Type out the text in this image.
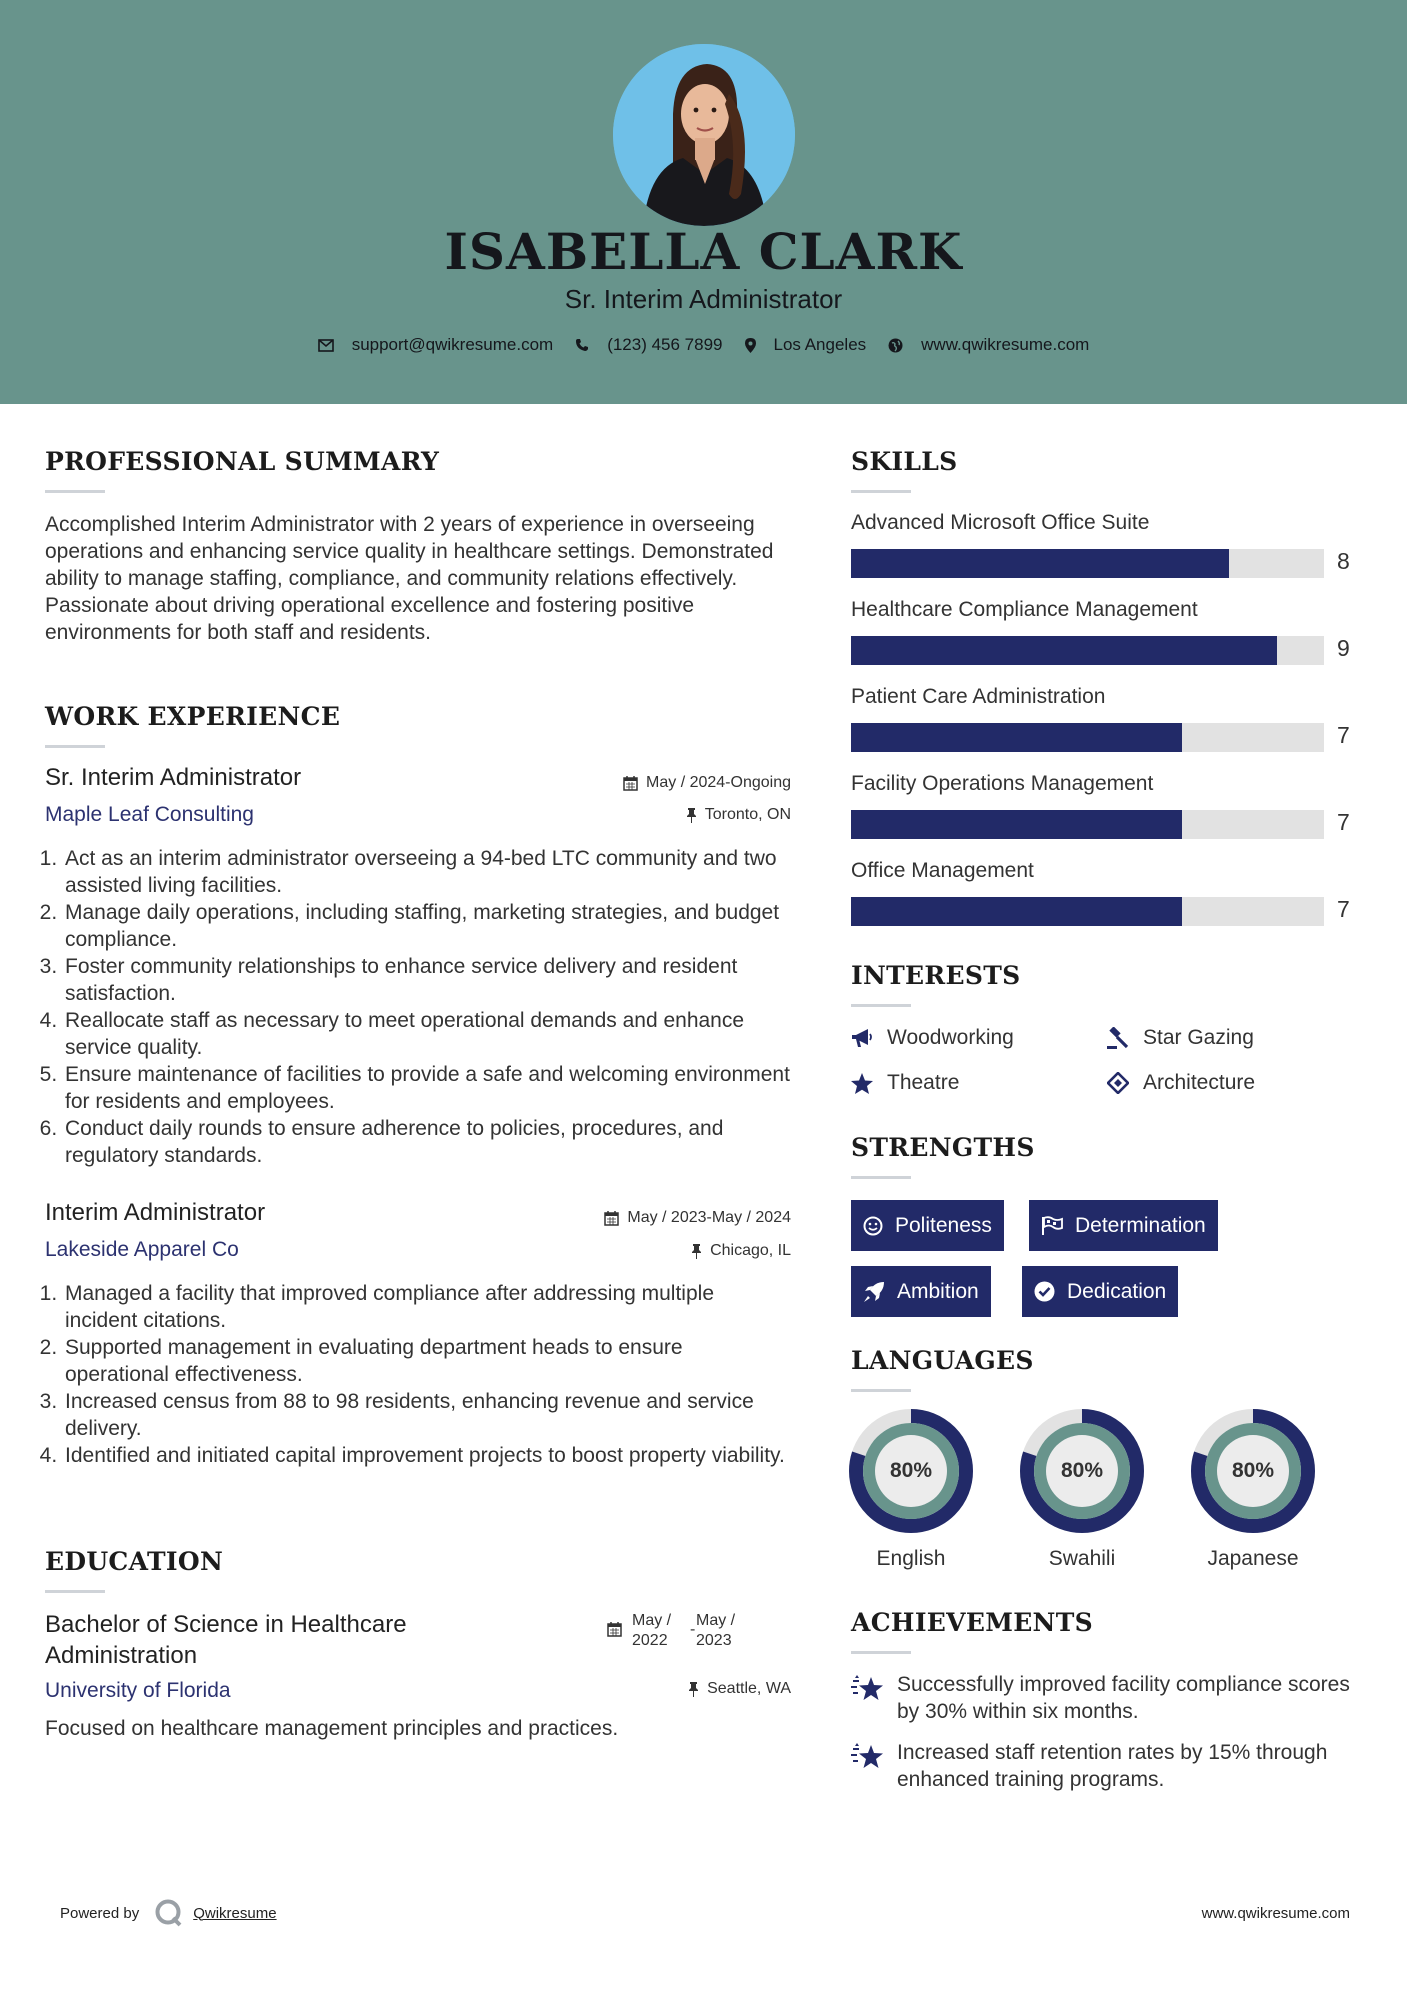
ISABELLA CLARK
Sr. Interim Administrator
support@qwikresume.com	(123) 456 7899	Los Angeles	www.qwikresume.com
PROFESSIONAL SUMMARY
Accomplished Interim Administrator with 2 years of experience in overseeing operations and enhancing service quality in healthcare settings. Demonstrated ability to manage staffing, compliance, and community relations effectively. Passionate about driving operational excellence and fostering positive environments for both staff and residents.
WORK EXPERIENCE
Sr. Interim Administrator	May / 2024-Ongoing
Maple Leaf Consulting	Toronto, ON
1. Act as an interim administrator overseeing a 94-bed LTC community and two assisted living facilities.
2. Manage daily operations, including staffing, marketing strategies, and budget compliance.
3. Foster community relationships to enhance service delivery and resident satisfaction.
4. Reallocate staff as necessary to meet operational demands and enhance service quality.
5. Ensure maintenance of facilities to provide a safe and welcoming environment for residents and employees.
6. Conduct daily rounds to ensure adherence to policies, procedures, and regulatory standards.
Interim Administrator	May / 2023-May / 2024
Lakeside Apparel Co	Chicago, IL
1. Managed a facility that improved compliance after addressing multiple incident citations.
2. Supported management in evaluating department heads to ensure operational effectiveness.
3. Increased census from 88 to 98 residents, enhancing revenue and service delivery.
4. Identified and initiated capital improvement projects to boost property viability.
EDUCATION
Bachelor of Science in Healthcare Administration
May / 2022
-
May / 2023
University of Florida	Seattle, WA
Focused on healthcare management principles and practices.
SKILLS
Advanced Microsoft Office Suite
8
Healthcare Compliance Management
9
Patient Care Administration
7
Facility Operations Management
7
Office Management
7
INTERESTS
Woodworking	Star Gazing
Theatre	Architecture
STRENGTHS
Politeness	Determination
Ambition	Dedication
LANGUAGES
80%
English
80%
Swahili
80%
Japanese
ACHIEVEMENTS
Successfully improved facility compliance scores by 30% within six months.
Increased staff retention rates by 15% through enhanced training programs.
Powered by	Qwikresume	www.qwikresume.com
